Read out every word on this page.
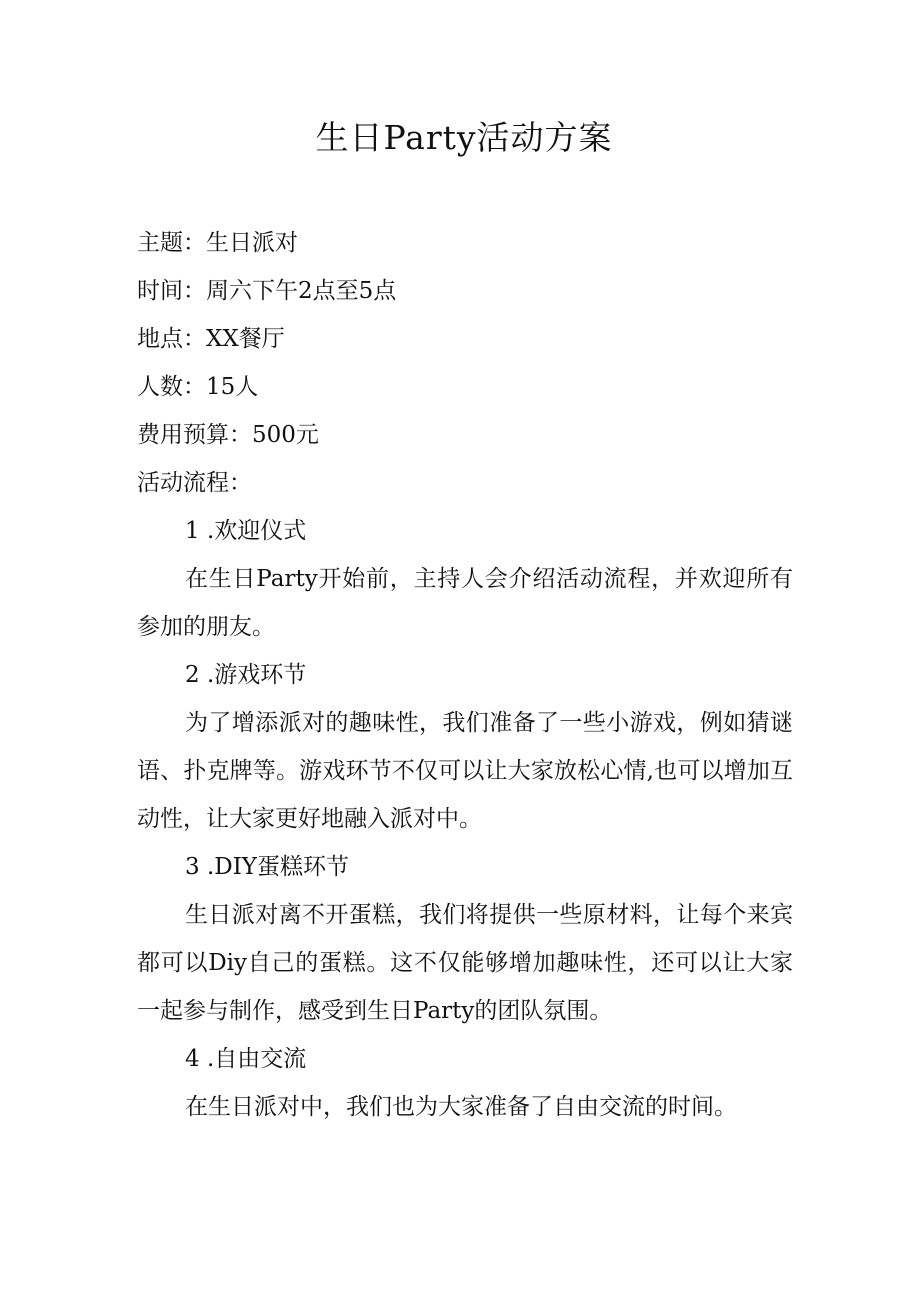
生日Party活动方案

主题：生日派对

时间：周六下午2点至5点

地点：XX餐厅

人数：15人

费用预算：500元

活动流程：

1 .欢迎仪式

在生日Party开始前，主持人会介绍活动流程，并欢迎所有参加的朋友。

2 .游戏环节

为了增添派对的趣味性，我们准备了一些小游戏，例如猜谜语、扑克牌等。游戏环节不仅可以让大家放松心情,也可以增加互动性，让大家更好地融入派对中。

3 .DIY蛋糕环节

生日派对离不开蛋糕，我们将提供一些原材料，让每个来宾都可以Diy自己的蛋糕。这不仅能够增加趣味性，还可以让大家一起参与制作，感受到生日Party的团队氛围。

4 .自由交流

在生日派对中，我们也为大家准备了自由交流的时间。
